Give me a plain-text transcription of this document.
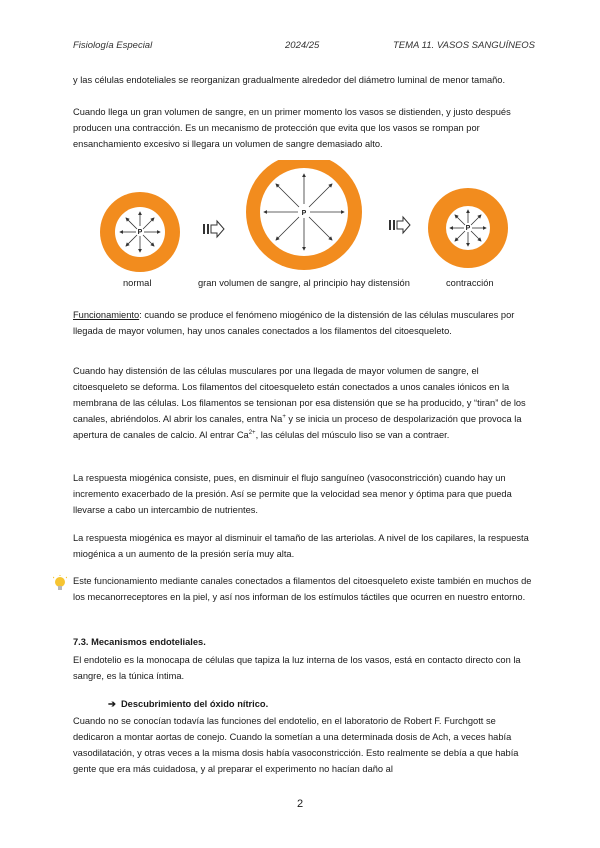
Fisiología Especial	2024/25	TEMA 11. VASOS SANGUÍNEOS

y las células endoteliales se reorganizan gradualmente alrededor del diámetro luminal de menor tamaño.

Cuando llega un gran volumen de sangre, en un primer momento los vasos se distienden, y justo después producen una contracción. Es un mecanismo de protección que evita que los vasos se rompan por ensanchamiento excesivo si llegara un volumen de sangre demasiado alto.

P
P
P
normal	gran volumen de sangre, al principio hay distensión	contracción

Funcionamiento: cuando se produce el fenómeno miogénico de la distensión de las células musculares por llegada de mayor volumen, hay unos canales conectados a los filamentos del citoesqueleto.

Cuando hay distensión de las células musculares por una llegada de mayor volumen de sangre, el citoesqueleto se deforma. Los filamentos del citoesqueleto están conectados a unos canales iónicos en la membrana de las células. Los filamentos se tensionan por esa distensión que se ha producido, y “tiran” de los canales, abriéndolos. Al abrir los canales, entra Na+ y se inicia un proceso de despolarización que provoca la apertura de canales de calcio. Al entrar $Ca^{2+}$, las células del músculo liso se van a contraer.

La respuesta miogénica consiste, pues, en disminuir el flujo sanguíneo (vasoconstricción) cuando hay un incremento exacerbado de la presión. Así se permite que la velocidad sea menor y óptima para que pueda llevarse a cabo un intercambio de nutrientes.

La respuesta miogénica es mayor al disminuir el tamaño de las arteriolas. A nivel de los capilares, la respuesta miogénica a un aumento de la presión sería muy alta.

Este funcionamiento mediante canales conectados a filamentos del citoesqueleto existe también en muchos de los mecanorreceptores en la piel, y así nos informan de los estímulos táctiles que ocurren en nuestro entorno.

7.3. Mecanismos endoteliales.

El endotelio es la monocapa de células que tapiza la luz interna de los vasos, está en contacto directo con la sangre, es la túnica íntima.

➔ Descubrimiento del óxido nítrico.

Cuando no se conocían todavía las funciones del endotelio, en el laboratorio de Robert F. Furchgott se dedicaron a montar aortas de conejo. Cuando la sometían a una determinada dosis de Ach, a veces había vasodilatación, y otras veces a la misma dosis había vasoconstricción. Esto realmente se debía a que había gente que era más cuidadosa, y al preparar el experimento no hacían daño al

2
